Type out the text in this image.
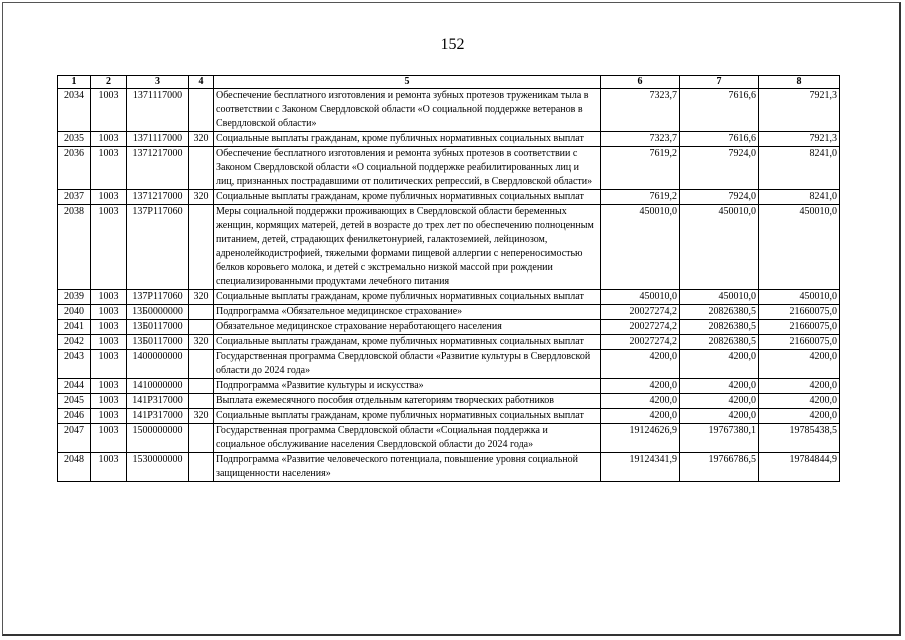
152
1	2	3	4	5	6	7	8
2034	1003	1371117000		Обеспечение бесплатного изготовления и ремонта зубных протезов труженикам тыла в соответствии с Законом Свердловской области «О социальной поддержке ветеранов в Свердловской области»	7323,7	7616,6	7921,3
2035	1003	1371117000	320	Социальные выплаты гражданам, кроме публичных нормативных социальных выплат	7323,7	7616,6	7921,3
2036	1003	1371217000		Обеспечение бесплатного изготовления и ремонта зубных протезов в соответствии с Законом Свердловской области «О социальной поддержке реабилитированных лиц и лиц, признанных пострадавшими от политических репрессий, в Свердловской области»	7619,2	7924,0	8241,0
2037	1003	1371217000	320	Социальные выплаты гражданам, кроме публичных нормативных социальных выплат	7619,2	7924,0	8241,0
2038	1003	137P117060		Меры социальной поддержки проживающих в Свердловской области беременных женщин, кормящих матерей, детей в возрасте до трех лет по обеспечению полноценным питанием, детей, страдающих фенилкетонурией, галактоземией, лейцинозом, адренолейкодистрофией, тяжелыми формами пищевой аллергии с непереносимостью белков коровьего молока, и детей с экстремально низкой массой при рождении специализированными продуктами лечебного питания	450010,0	450010,0	450010,0
2039	1003	137P117060	320	Социальные выплаты гражданам, кроме публичных нормативных социальных выплат	450010,0	450010,0	450010,0
2040	1003	13Б0000000		Подпрограмма «Обязательное медицинское страхование»	20027274,2	20826380,5	21660075,0
2041	1003	13Б0117000		Обязательное медицинское страхование неработающего населения	20027274,2	20826380,5	21660075,0
2042	1003	13Б0117000	320	Социальные выплаты гражданам, кроме публичных нормативных социальных выплат	20027274,2	20826380,5	21660075,0
2043	1003	1400000000		Государственная программа Свердловской области «Развитие культуры в Свердловской области до 2024 года»	4200,0	4200,0	4200,0
2044	1003	1410000000		Подпрограмма «Развитие культуры и искусства»	4200,0	4200,0	4200,0
2045	1003	141P317000		Выплата ежемесячного пособия отдельным категориям творческих работников	4200,0	4200,0	4200,0
2046	1003	141P317000	320	Социальные выплаты гражданам, кроме публичных нормативных социальных выплат	4200,0	4200,0	4200,0
2047	1003	1500000000		Государственная программа Свердловской области «Социальная поддержка и социальное обслуживание населения Свердловской области до 2024 года»	19124626,9	19767380,1	19785438,5
2048	1003	1530000000		Подпрограмма «Развитие человеческого потенциала, повышение уровня социальной защищенности населения»	19124341,9	19766786,5	19784844,9
